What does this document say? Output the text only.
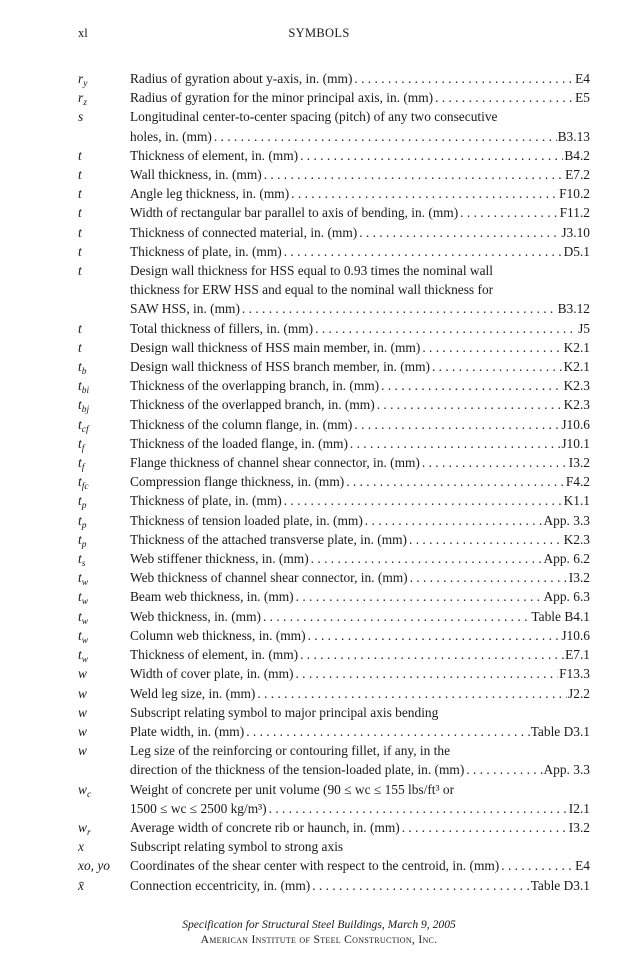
xl	SYMBOLS
$r_y$	Radius of gyration about y-axis, in. (mm) . . .	E4
$r_z$	Radius of gyration for the minor principal axis, in. (mm) . . .	E5
s	Longitudinal center-to-center spacing (pitch) of any two consecutive
holes, in. (mm) . . .	B3.13
t	Thickness of element, in. (mm) . . .	B4.2
t	Wall thickness, in. (mm) . . .	E7.2
t	Angle leg thickness, in. (mm) . . .	F10.2
t	Width of rectangular bar parallel to axis of bending, in. (mm) . . .	F11.2
t	Thickness of connected material, in. (mm) . . .	J3.10
t	Thickness of plate, in. (mm) . . .	D5.1
t	Design wall thickness for HSS equal to 0.93 times the nominal wall
thickness for ERW HSS and equal to the nominal wall thickness for
SAW HSS, in. (mm) . . .	B3.12
t	Total thickness of fillers, in. (mm) . . .	J5
t	Design wall thickness of HSS main member, in. (mm) . . .	K2.1
$t_b$	Design wall thickness of HSS branch member, in. (mm) . . .	K2.1
$t_{bi}$	Thickness of the overlapping branch, in. (mm) . . .	K2.3
$t_{bj}$	Thickness of the overlapped branch, in. (mm) . . .	K2.3
$t_{cf}$	Thickness of the column flange, in. (mm) . . .	J10.6
$t_f$	Thickness of the loaded flange, in. (mm) . . .	J10.1
$t_f$	Flange thickness of channel shear connector, in. (mm) . . .	I3.2
$t_{fc}$	Compression flange thickness, in. (mm) . . .	F4.2
$t_p$	Thickness of plate, in. (mm) . . .	K1.1
$t_p$	Thickness of tension loaded plate, in. (mm) . . .	App. 3.3
$t_p$	Thickness of the attached transverse plate, in. (mm) . . .	K2.3
$t_s$	Web stiffener thickness, in. (mm) . . .	App. 6.2
$t_w$	Web thickness of channel shear connector, in. (mm) . . .	I3.2
$t_w$	Beam web thickness, in. (mm) . . .	App. 6.3
$t_w$	Web thickness, in. (mm) . . .	Table B4.1
$t_w$	Column web thickness, in. (mm) . . .	J10.6
$t_w$	Thickness of element, in. (mm) . . .	E7.1
w	Width of cover plate, in. (mm) . . .	F13.3
w	Weld leg size, in. (mm) . . .	J2.2
w	Subscript relating symbol to major principal axis bending
w	Plate width, in. (mm) . . .	Table D3.1
w	Leg size of the reinforcing or contouring fillet, if any, in the
direction of the thickness of the tension-loaded plate, in. (mm) . . .	App. 3.3
$w_c$	Weight of concrete per unit volume (90 ≤ wc ≤ 155 lbs/ft³ or
1500 ≤ wc ≤ 2500 kg/m³) . . .	I2.1
$w_r$	Average width of concrete rib or haunch, in. (mm) . . .	I3.2
x	Subscript relating symbol to strong axis
xo, yo	Coordinates of the shear center with respect to the centroid, in. (mm) . . .	E4
x̄	Connection eccentricity, in. (mm) . . .	Table D3.1
Specification for Structural Steel Buildings, March 9, 2005
American Institute of Steel Construction, Inc.
